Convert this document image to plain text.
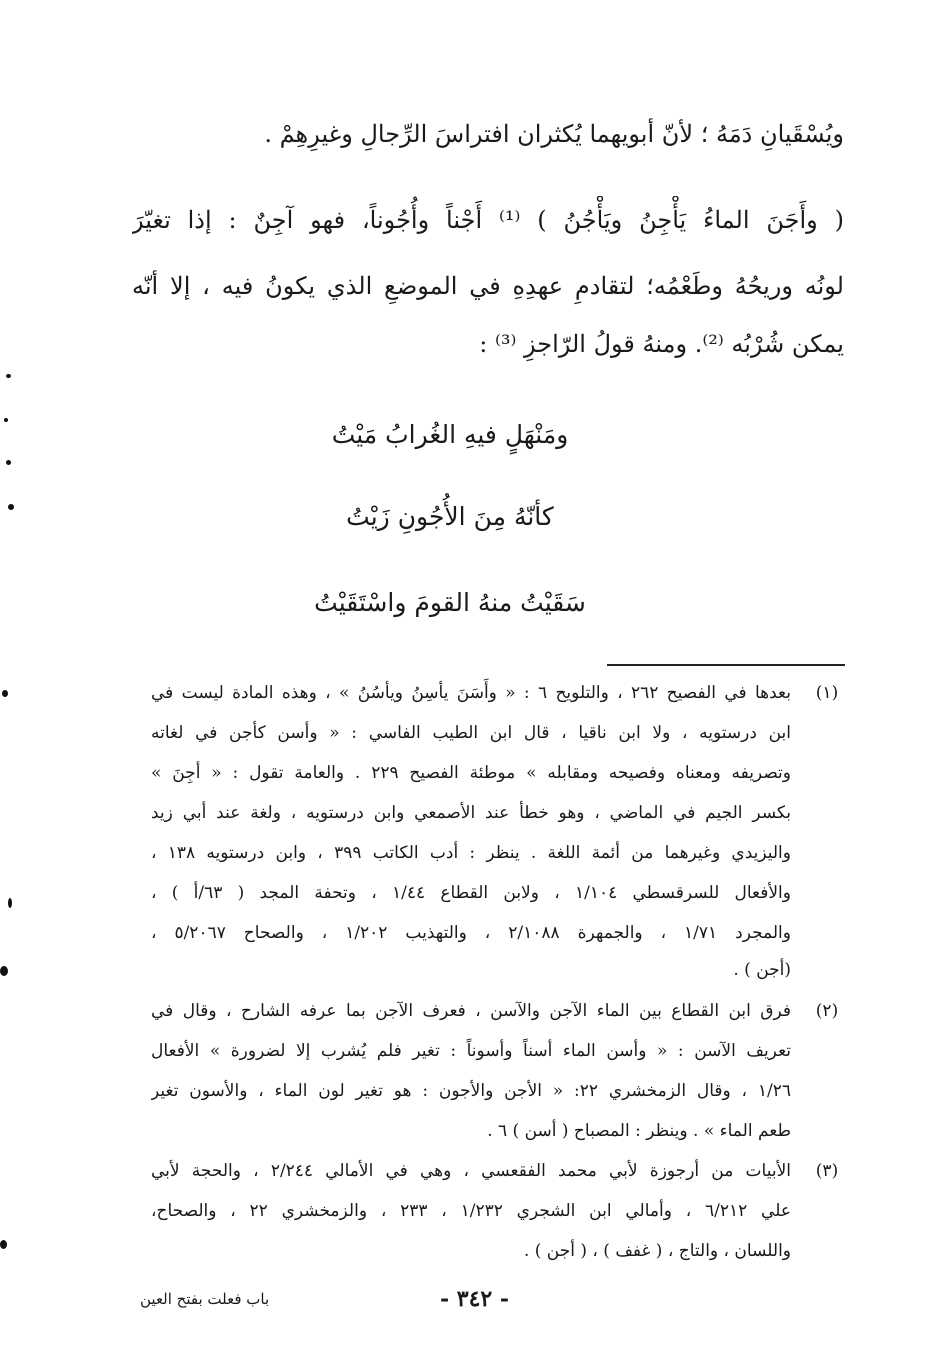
ويُسْقَيانِ دَمَهُ ؛ لأنّ أبويهما يُكثران افتراسَ الرِّجالِ وغيرِهِمْ .
( وأَجَنَ الماءُ يَأْجِنُ ويَأْجُنُ ) ⁽¹⁾ أَجْناً وأُجُوناً، فهو آجِنٌ : إذا تغيّرَ
لونُه وريحُهُ وطَعْمُه؛ لتقادمِ عهدِهِ في الموضعِ الذي يكونُ فيه ، إلا أنّه
يمكن شُرْبُه ⁽²⁾. ومنهُ قولُ الرّاجزِ ⁽³⁾ :
ومَنْهَلٍ فيهِ الغُرابُ مَيْتُ
كأنّهُ مِنَ الأُجُونِ زَيْتُ
سَقَيْتُ منهُ القومَ واسْتَقَيْتُ
(١)
بعدها في الفصيح ٢٦٢ ، والتلويح ٦ : « وأَسَنَ يأسِنُ ويأسُنُ » ، وهذه المادة ليست في
ابن درستويه ، ولا ابن ناقيا ، قال ابن الطيب الفاسي : « وأسن كأجن في لغاته
وتصريفه ومعناه وفصيحه ومقابله » موطئة الفصيح ٢٢٩ . والعامة تقول : « أجِنَ »
بكسر الجيم في الماضي ، وهو خطأ عند الأصمعي وابن درستويه ، ولغة عند أبي زيد
واليزيدي وغيرهما من أئمة اللغة . ينظر : أدب الكاتب ٣٩٩ ، وابن درستويه ١٣٨ ،
والأفعال للسرقسطي ١/١٠٤ ، ولابن القطاع ١/٤٤ ، وتحفة المجد ( ٦٣/أ ) ،
والمجرد ١/٧١ ، والجمهرة ٢/١٠٨٨ ، والتهذيب ١/٢٠٢ ، والصحاح ٥/٢٠٦٧ ،
(أجن ) .
(٢)
فرق ابن القطاع بين الماء الآجن والآسن ، فعرف الآجن بما عرفه الشارح ، وقال في
تعريف الآسن : « وأسن الماء أسناً وأسوناً : تغير فلم يُشرب إلا لضرورة » الأفعال
١/٢٦ ، وقال الزمخشري ٢٢: « الأجن والأجون : هو تغير لون الماء ، والأسون تغير
طعم الماء » . وينظر : المصباح ( أسن ) ٦ .
(٣)
الأبيات من أرجوزة لأبي محمد الفقعسي ، وهي في الأمالي ٢/٢٤٤ ، والحجة لأبي
علي ٦/٢١٢ ، وأمالي ابن الشجري ١/٢٣٢ ، ٢٣٣ ، والزمخشري ٢٢ ، والصحاح،
واللسان ، والتاج ، ( غفف ) ، ( أجن ) .
- ٣٤٢ -
باب فعلت بفتح العين
